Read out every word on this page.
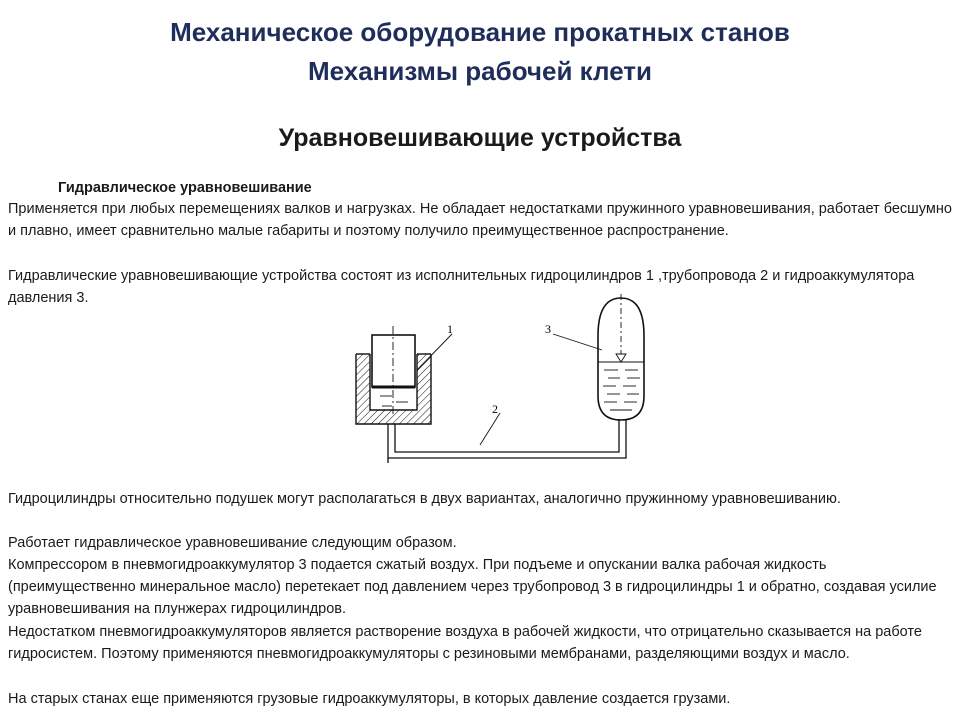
Механическое оборудование прокатных станов
Механизмы рабочей клети
Уравновешивающие устройства

Гидравлическое уравновешивание

Применяется при любых перемещениях валков и нагрузках. Не обладает недостатками пружинного уравновешивания, работает бесшумно и плавно, имеет сравнительно малые габариты и поэтому получило преимущественное распространение.

Гидравлические уравновешивающие устройства состоят из исполнительных гидроцилиндров 1 ,трубопровода 2 и гидроаккумулятора давления 3.

1
2
3

Гидроцилиндры относительно подушек могут располагаться в двух вариантах, аналогично пружинному уравновешиванию.

Работает гидравлическое уравновешивание следующим образом.

Компрессором в пневмогидроаккумулятор 3 подается сжатый воздух. При подъеме и опускании валка рабочая жидкость (преимущественно минеральное масло) перетекает под давлением через трубопровод 3 в гидроцилиндры 1 и обратно, создавая усилие уравновешивания на плунжерах гидроцилиндров.

Недостатком пневмогидроаккумуляторов является растворение воздуха в рабочей жидкости, что отрицательно сказывается на работе гидросистем. Поэтому применяются пневмогидроаккумуляторы с резиновыми мембранами, разделяющими воздух и масло.

На старых станах еще применяются грузовые гидроаккумуляторы, в которых давление создается грузами.
